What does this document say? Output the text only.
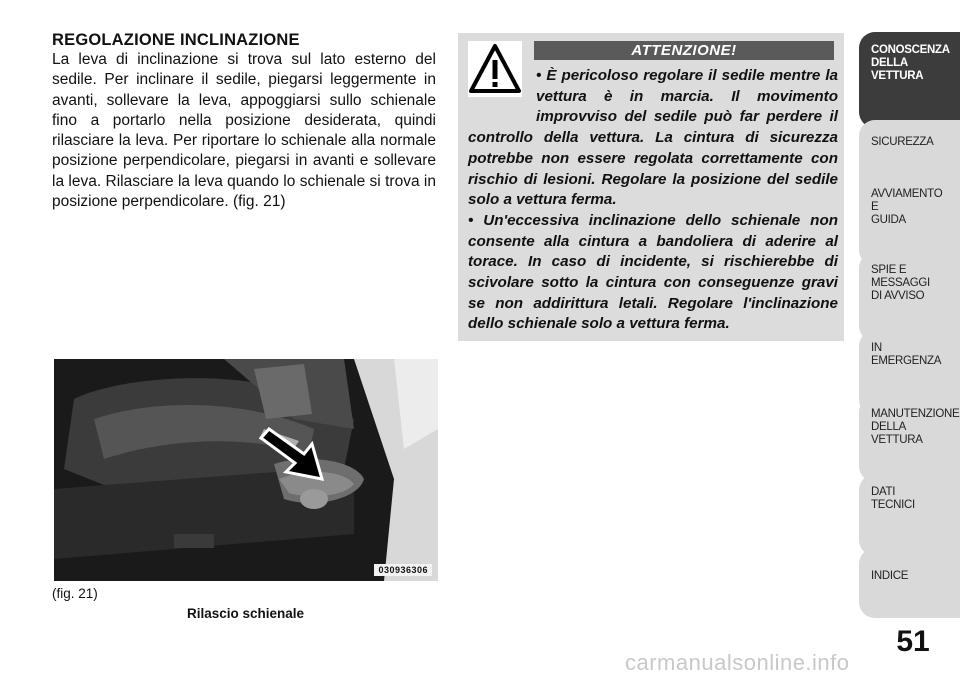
REGOLAZIONE INCLINAZIONE
La leva di inclinazione si trova sul lato esterno del sedile. Per inclinare il sedile, piegarsi leggermente in avanti, sollevare la leva, appoggiarsi sullo schienale fino a portarlo nella posizione desiderata, quindi rilasciare la leva. Per riportare lo schienale alla normale posizione perpendicolare, piegarsi in avanti e sollevare la leva. Rilasciare la leva quando lo schienale si trova in posizione perpendicolare. (fig. 21)
030936306
(fig. 21)
Rilascio schienale
ATTENZIONE!
• È pericoloso regolare il sedile mentre la vettura è in marcia. Il movimento improvviso del sedile può far perdere il controllo della vettura. La cintura di sicurezza potrebbe non essere regolata correttamente con rischio di lesioni. Regolare la posizione del sedile solo a vettura ferma.
• Un'eccessiva inclinazione dello schienale non consente alla cintura a bandoliera di aderire al torace. In caso di incidente, si rischierebbe di scivolare sotto la cintura con conseguenze gravi se non addirittura letali. Regolare l'inclinazione dello schienale solo a vettura ferma.
CONOSCENZA
DELLA
VETTURA
SICUREZZA
AVVIAMENTO
E
GUIDA
SPIE E
MESSAGGI
DI AVVISO
IN
EMERGENZA
MANUTENZIONE
DELLA
VETTURA
DATI
TECNICI
INDICE
51
carmanualsonline.info
